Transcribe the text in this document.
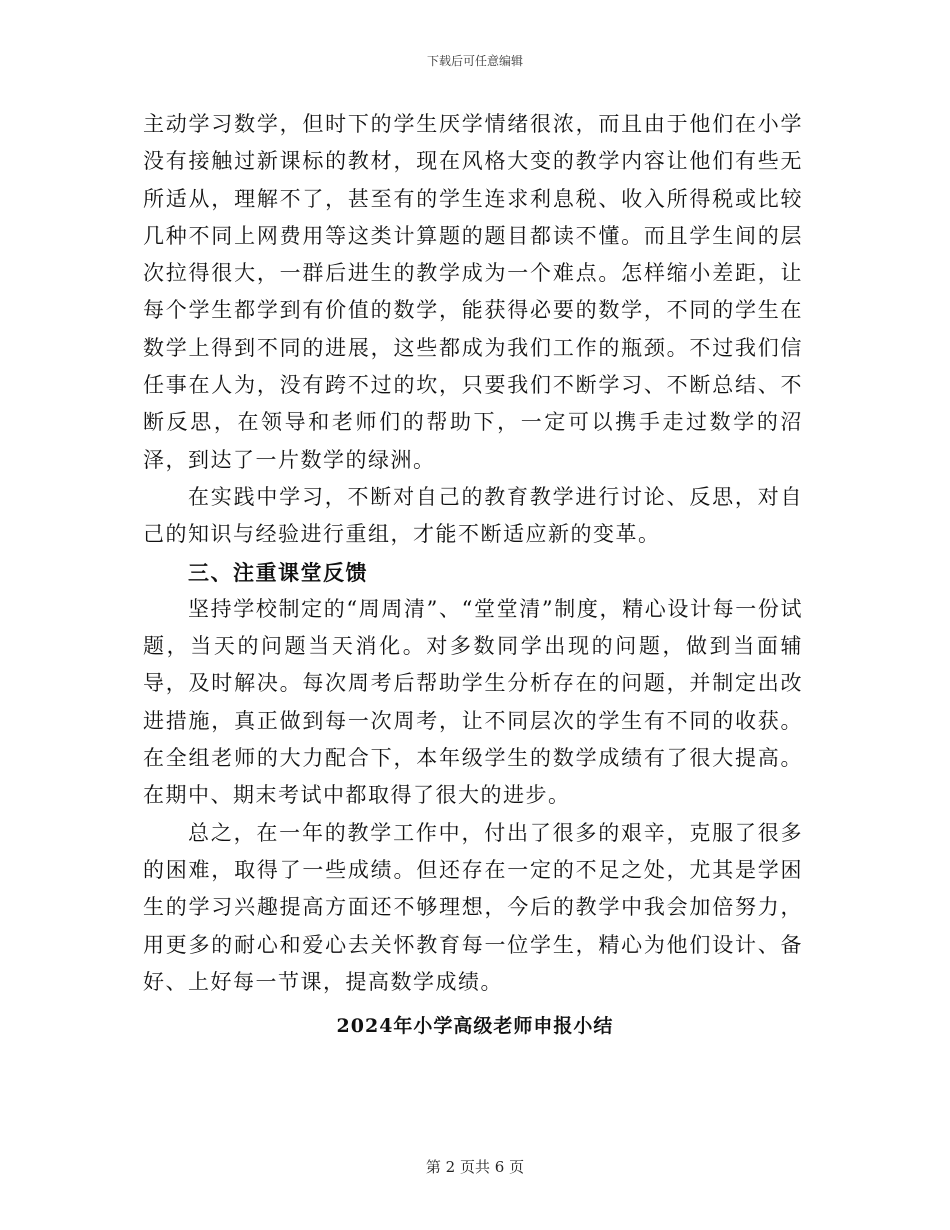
下载后可任意编辑

主动学习数学，但时下的学生厌学情绪很浓，而且由于他们在小学没有接触过新课标的教材，现在风格大变的教学内容让他们有些无所适从，理解不了，甚至有的学生连求利息税、收入所得税或比较几种不同上网费用等这类计算题的题目都读不懂。而且学生间的层次拉得很大，一群后进生的教学成为一个难点。怎样缩小差距，让每个学生都学到有价值的数学，能获得必要的数学，不同的学生在数学上得到不同的进展，这些都成为我们工作的瓶颈。不过我们信任事在人为，没有跨不过的坎，只要我们不断学习、不断总结、不断反思，在领导和老师们的帮助下，一定可以携手走过数学的沼泽，到达了一片数学的绿洲。

在实践中学习，不断对自己的教育教学进行讨论、反思，对自己的知识与经验进行重组，才能不断适应新的变革。

三、注重课堂反馈

坚持学校制定的“周周清”、“堂堂清”制度，精心设计每一份试题，当天的问题当天消化。对多数同学出现的问题，做到当面辅导，及时解决。每次周考后帮助学生分析存在的问题，并制定出改进措施，真正做到每一次周考，让不同层次的学生有不同的收获。在全组老师的大力配合下，本年级学生的数学成绩有了很大提高。在期中、期末考试中都取得了很大的进步。

总之，在一年的教学工作中，付出了很多的艰辛，克服了很多的困难，取得了一些成绩。但还存在一定的不足之处，尤其是学困生的学习兴趣提高方面还不够理想，今后的教学中我会加倍努力，用更多的耐心和爱心去关怀教育每一位学生，精心为他们设计、备好、上好每一节课，提高数学成绩。

2024年小学高级老师申报小结
第 2 页共 6 页
